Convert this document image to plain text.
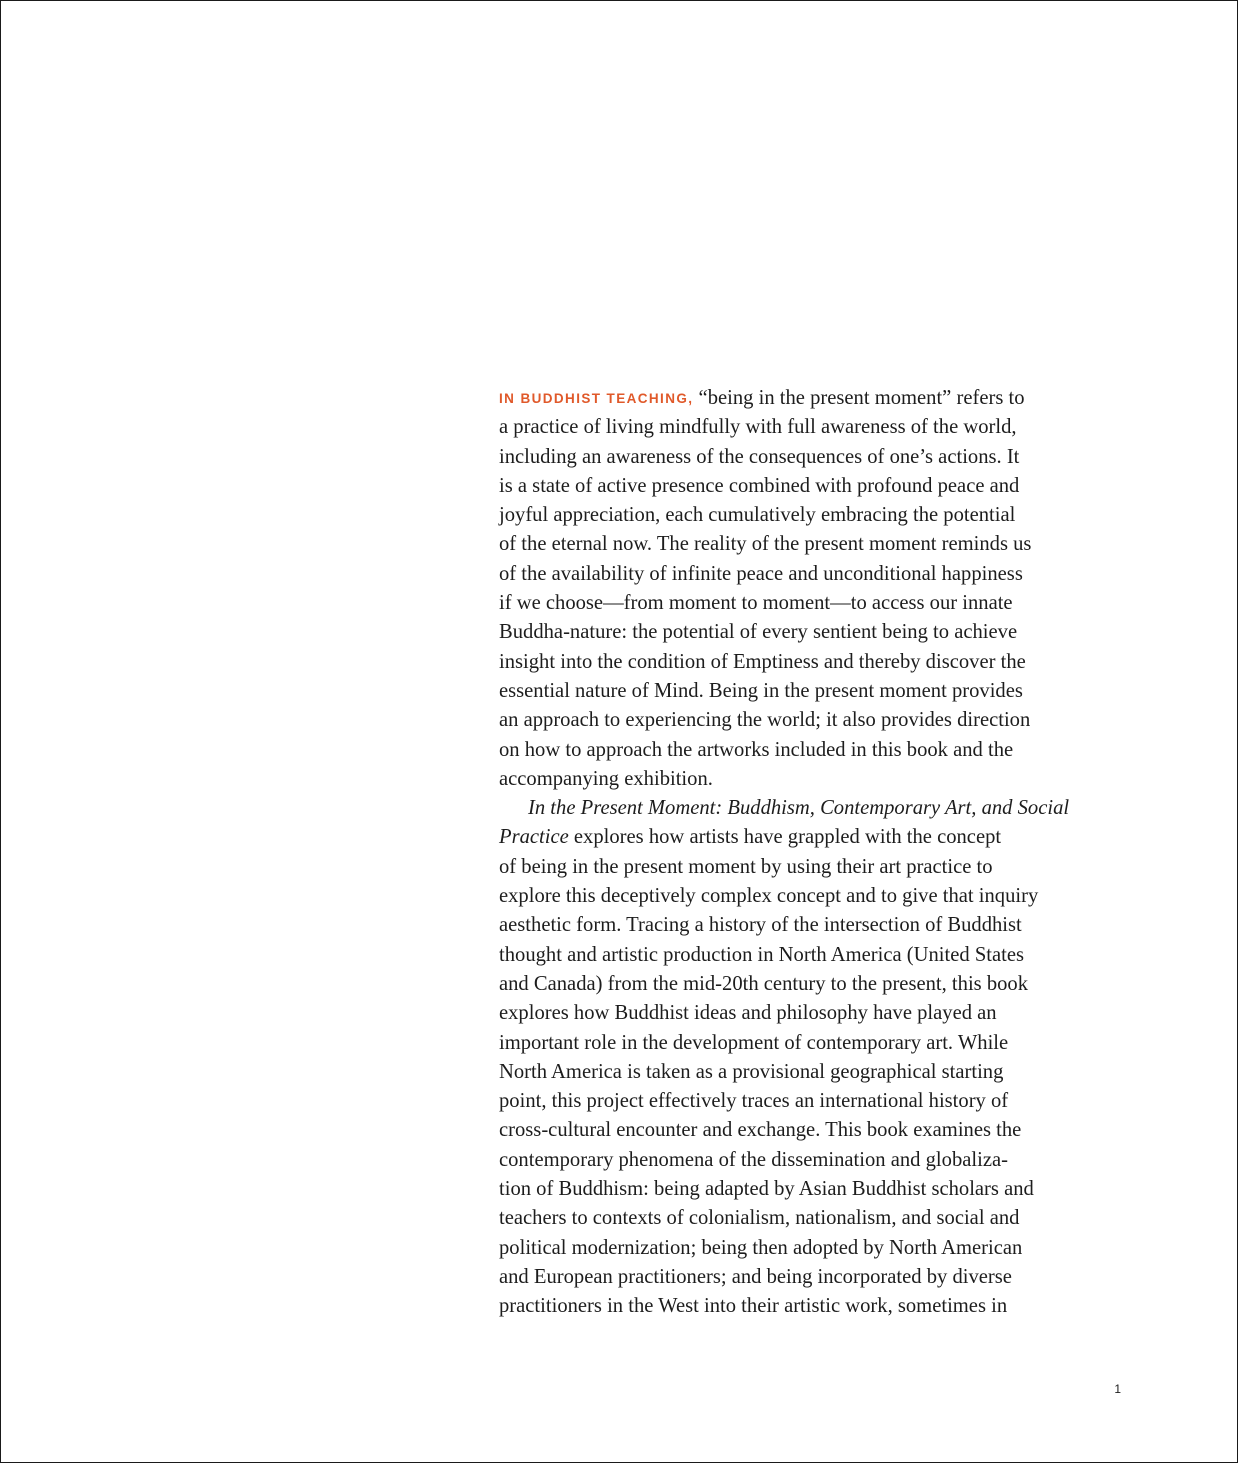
IN BUDDHIST TEACHING, “being in the present moment” refers to
a practice of living mindfully with full awareness of the world,
including an awareness of the consequences of one’s actions. It
is a state of active presence combined with profound peace and
joyful appreciation, each cumulatively embracing the potential
of the eternal now. The reality of the present moment reminds us
of the availability of infinite peace and unconditional happiness
if we choose—from moment to moment—to access our innate
Buddha-nature: the potential of every sentient being to achieve
insight into the condition of Emptiness and thereby discover the
essential nature of Mind. Being in the present moment provides
an approach to experiencing the world; it also provides direction
on how to approach the artworks included in this book and the
accompanying exhibition.
In the Present Moment: Buddhism, Contemporary Art, and Social
Practice explores how artists have grappled with the concept
of being in the present moment by using their art practice to
explore this deceptively complex concept and to give that inquiry
aesthetic form. Tracing a history of the intersection of Buddhist
thought and artistic production in North America (United States
and Canada) from the mid-20th century to the present, this book
explores how Buddhist ideas and philosophy have played an
important role in the development of contemporary art. While
North America is taken as a provisional geographical starting
point, this project effectively traces an international history of
cross-cultural encounter and exchange. This book examines the
contemporary phenomena of the dissemination and globaliza-
tion of Buddhism: being adapted by Asian Buddhist scholars and
teachers to contexts of colonialism, nationalism, and social and
political modernization; being then adopted by North American
and European practitioners; and being incorporated by diverse
practitioners in the West into their artistic work, sometimes in
1
